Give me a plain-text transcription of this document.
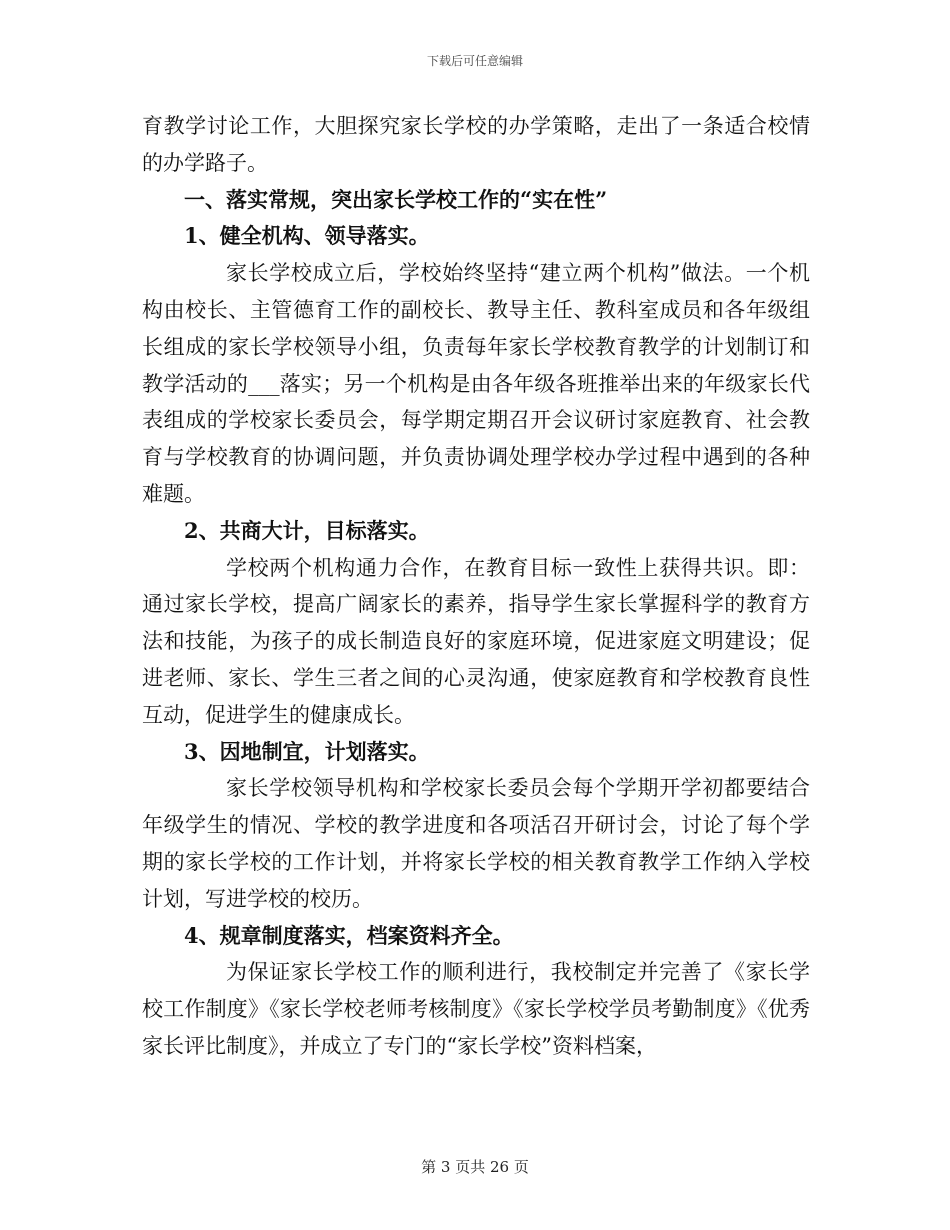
下载后可任意编辑

育教学讨论工作，大胆探究家长学校的办学策略，走出了一条适合校情的办学路子。

一、落实常规，突出家长学校工作的“实在性”

1、健全机构、领导落实。

家长学校成立后，学校始终坚持“建立两个机构”做法。一个机构由校长、主管德育工作的副校长、教导主任、教科室成员和各年级组长组成的家长学校领导小组，负责每年家长学校教育教学的计划制订和教学活动的___落实；另一个机构是由各年级各班推举出来的年级家长代表组成的学校家长委员会，每学期定期召开会议研讨家庭教育、社会教育与学校教育的协调问题，并负责协调处理学校办学过程中遇到的各种难题。

2、共商大计，目标落实。

学校两个机构通力合作，在教育目标一致性上获得共识。即：通过家长学校，提高广阔家长的素养，指导学生家长掌握科学的教育方法和技能，为孩子的成长制造良好的家庭环境，促进家庭文明建设；促进老师、家长、学生三者之间的心灵沟通，使家庭教育和学校教育良性互动，促进学生的健康成长。

3、因地制宜，计划落实。

家长学校领导机构和学校家长委员会每个学期开学初都要结合年级学生的情况、学校的教学进度和各项活召开研讨会，讨论了每个学期的家长学校的工作计划，并将家长学校的相关教育教学工作纳入学校计划，写进学校的校历。

4、规章制度落实，档案资料齐全。

为保证家长学校工作的顺利进行，我校制定并完善了《家长学校工作制度》《家长学校老师考核制度》《家长学校学员考勤制度》《优秀家长评比制度》，并成立了专门的“家长学校”资料档案，

第 3 页共 26 页
